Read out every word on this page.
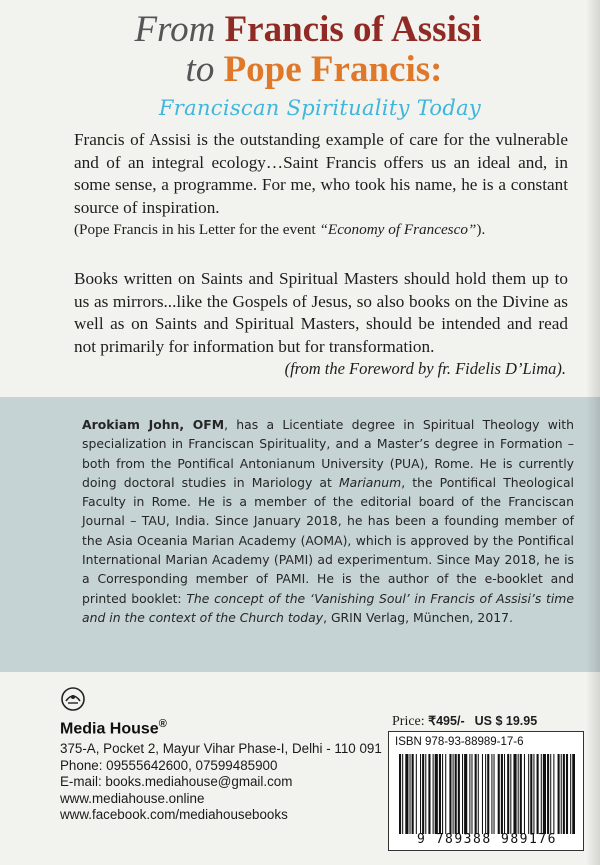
From Francis of Assisi
to Pope Francis:
Franciscan Spirituality Today

Francis of Assisi is the outstanding example of care for the vulnerable and of an integral ecology…Saint Francis offers us an ideal and, in some sense, a programme. For me, who took his name, he is a constant source of inspiration.

(Pope Francis in his Letter for the event “Economy of Francesco”).

Books written on Saints and Spiritual Masters should hold them up to us as mirrors...like the Gospels of Jesus, so also books on the Divine as well as on Saints and Spiritual Masters, should be intended and read not primarily for information but for transformation.

(from the Foreword by fr. Fidelis D’Lima).
Arokiam John, OFM, has a Licentiate degree in Spiritual Theology with specialization in Franciscan Spirituality, and a Master’s degree in Formation – both from the Pontifical Antonianum University (PUA), Rome. He is currently doing doctoral studies in Mariology at Marianum, the Pontifical Theological Faculty in Rome. He is a member of the editorial board of the Franciscan Journal – TAU, India. Since January 2018, he has been a founding member of the Asia Oceania Marian Academy (AOMA), which is approved by the Pontifical International Marian Academy (PAMI) ad experimentum. Since May 2018, he is a Corresponding member of PAMI. He is the author of the e-booklet and printed booklet: The concept of the ‘Vanishing Soul’ in Francis of Assisi’s time and in the context of the Church today, GRIN Verlag, München, 2017.
Media House®
375-A, Pocket 2, Mayur Vihar Phase-I, Delhi - 110 091
Phone: 09555642600, 07599485900
E-mail: books.mediahouse@gmail.com
www.mediahouse.online
www.facebook.com/mediahousebooks
Price: ₹495/- US $ 19.95
ISBN 978-93-88989-17-6
9 789388 989176
